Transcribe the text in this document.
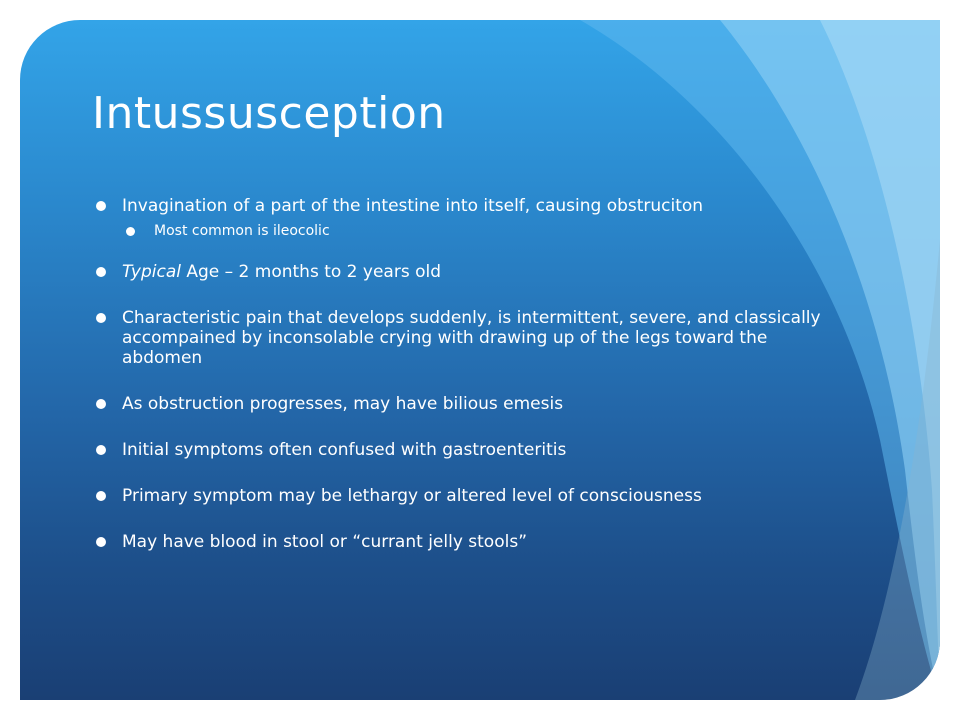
Intussusception
Invagination of a part of the intestine into itself, causing obstruciton
Most common is ileocolic
Typical Age – 2 months to 2 years old
Characteristic pain that develops suddenly, is intermittent, severe, and classically accompained by inconsolable crying with drawing up of the legs toward the abdomen
As obstruction progresses, may have bilious emesis
Initial symptoms often confused with gastroenteritis
Primary symptom may be lethargy or altered level of consciousness
May have blood in stool or “currant jelly stools”
